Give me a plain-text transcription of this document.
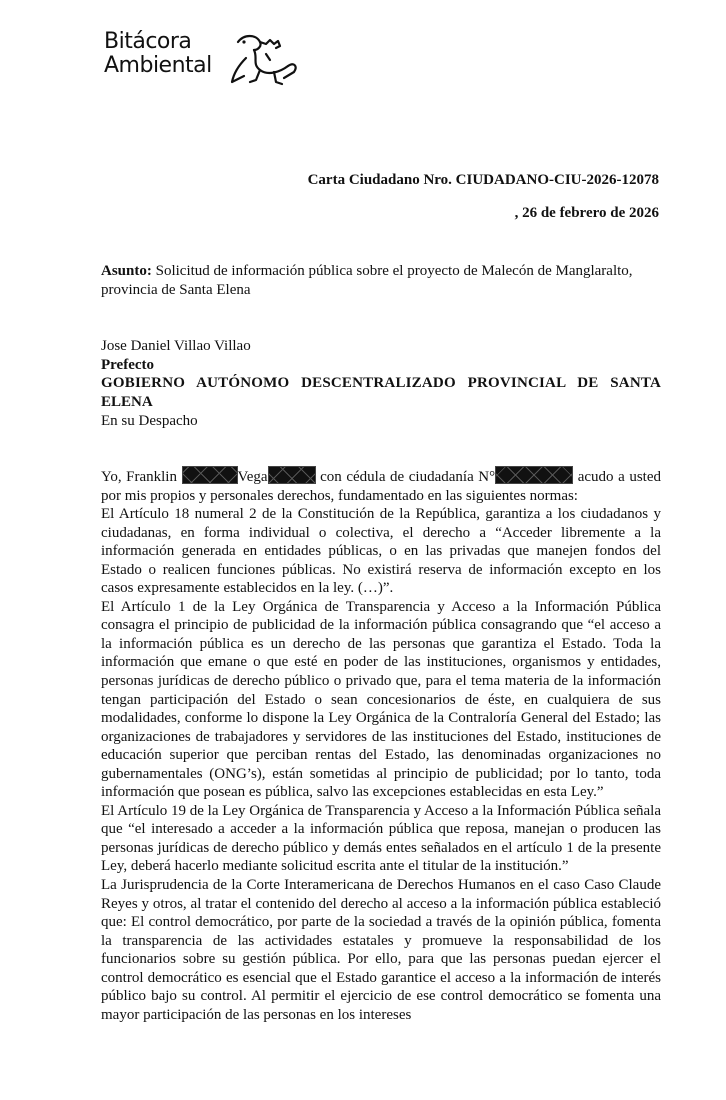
Bitácora
Ambiental
Carta Ciudadano Nro. CIUDADANO-CIU-2026-12078
, 26 de febrero de 2026
Asunto: Solicitud de información pública sobre el proyecto de Malecón de Manglaralto, provincia de Santa Elena
Jose Daniel Villao Villao
Prefecto
GOBIERNO AUTÓNOMO DESCENTRALIZADO PROVINCIAL DE SANTA
ELENA
En su Despacho

Yo, Franklin	Vega	con cédula de ciudadanía N°	acudo a usted por mis propios y personales derechos, fundamentado en las siguientes normas:

El Artículo 18 numeral 2 de la Constitución de la República, garantiza a los ciudadanos y ciudadanas, en forma individual o colectiva, el derecho a “Acceder libremente a la información generada en entidades públicas, o en las privadas que manejen fondos del Estado o realicen funciones públicas. No existirá reserva de información excepto en los casos expresamente establecidos en la ley. (…)”.

El Artículo 1 de la Ley Orgánica de Transparencia y Acceso a la Información Pública consagra el principio de publicidad de la información pública consagrando que “el acceso a la información pública es un derecho de las personas que garantiza el Estado. Toda la información que emane o que esté en poder de las instituciones, organismos y entidades, personas jurídicas de derecho público o privado que, para el tema materia de la información tengan participación del Estado o sean concesionarios de éste, en cualquiera de sus modalidades, conforme lo dispone la Ley Orgánica de la Contraloría General del Estado; las organizaciones de trabajadores y servidores de las instituciones del Estado, instituciones de educación superior que perciban rentas del Estado, las denominadas organizaciones no gubernamentales (ONG’s), están sometidas al principio de publicidad; por lo tanto, toda información que posean es pública, salvo las excepciones establecidas en esta Ley.”

El Artículo 19 de la Ley Orgánica de Transparencia y Acceso a la Información Pública señala que “el interesado a acceder a la información pública que reposa, manejan o producen las personas jurídicas de derecho público y demás entes señalados en el artículo 1 de la presente Ley, deberá hacerlo mediante solicitud escrita ante el titular de la institución.”

La Jurisprudencia de la Corte Interamericana de Derechos Humanos en el caso Caso Claude Reyes y otros, al tratar el contenido del derecho al acceso a la información pública estableció que: El control democrático, por parte de la sociedad a través de la opinión pública, fomenta la transparencia de las actividades estatales y promueve la responsabilidad de los funcionarios sobre su gestión pública. Por ello, para que las personas puedan ejercer el control democrático es esencial que el Estado garantice el acceso a la información de interés público bajo su control. Al permitir el ejercicio de ese control democrático se fomenta una mayor participación de las personas en los intereses
